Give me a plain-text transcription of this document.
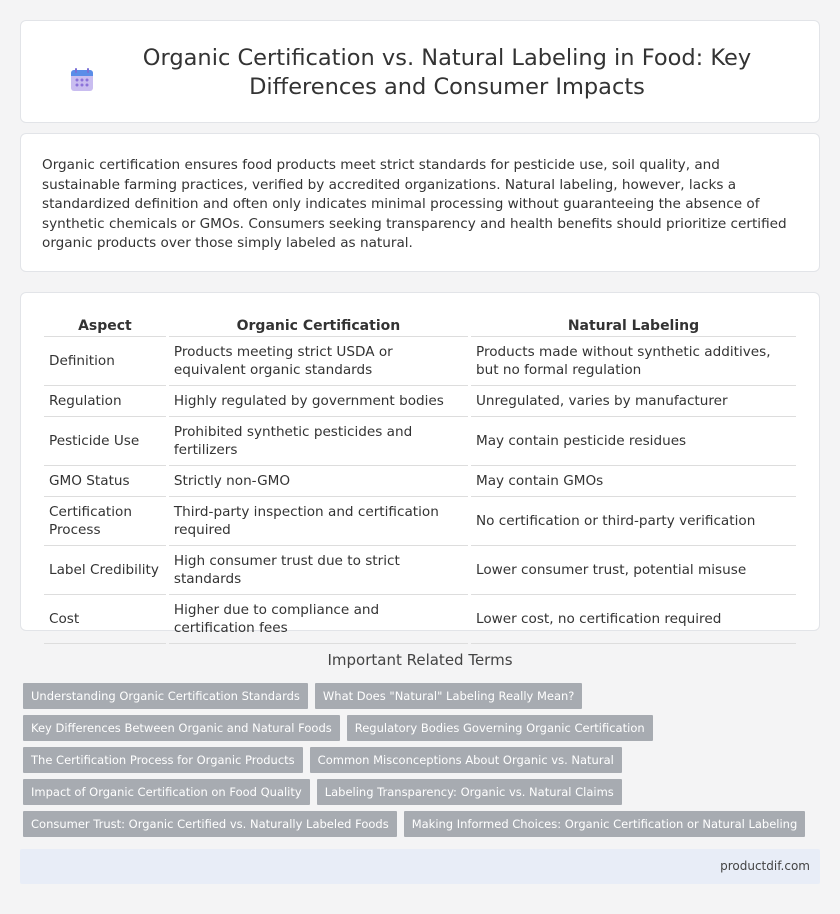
Organic Certification vs. Natural Labeling in Food: Key Differences and Consumer Impacts

Organic certification ensures food products meet strict standards for pesticide use, soil quality, and sustainable farming practices, verified by accredited organizations. Natural labeling, however, lacks a standardized definition and often only indicates minimal processing without guaranteeing the absence of synthetic chemicals or GMOs. Consumers seeking transparency and health benefits should prioritize certified organic products over those simply labeled as natural.

Aspect	Organic Certification	Natural Labeling
Definition	Products meeting strict USDA or equivalent organic standards	Products made without synthetic additives, but no formal regulation
Regulation	Highly regulated by government bodies	Unregulated, varies by manufacturer
Pesticide Use	Prohibited synthetic pesticides and fertilizers	May contain pesticide residues
GMO Status	Strictly non-GMO	May contain GMOs
Certification Process	Third-party inspection and certification required	No certification or third-party verification
Label Credibility	High consumer trust due to strict standards	Lower consumer trust, potential misuse
Cost	Higher due to compliance and certification fees	Lower cost, no certification required
Important Related Terms
Understanding Organic Certification Standards	What Does "Natural" Labeling Really Mean?
Key Differences Between Organic and Natural Foods	Regulatory Bodies Governing Organic Certification
The Certification Process for Organic Products	Common Misconceptions About Organic vs. Natural
Impact of Organic Certification on Food Quality	Labeling Transparency: Organic vs. Natural Claims
Consumer Trust: Organic Certified vs. Naturally Labeled Foods	Making Informed Choices: Organic Certification or Natural Labeling
productdif.com
